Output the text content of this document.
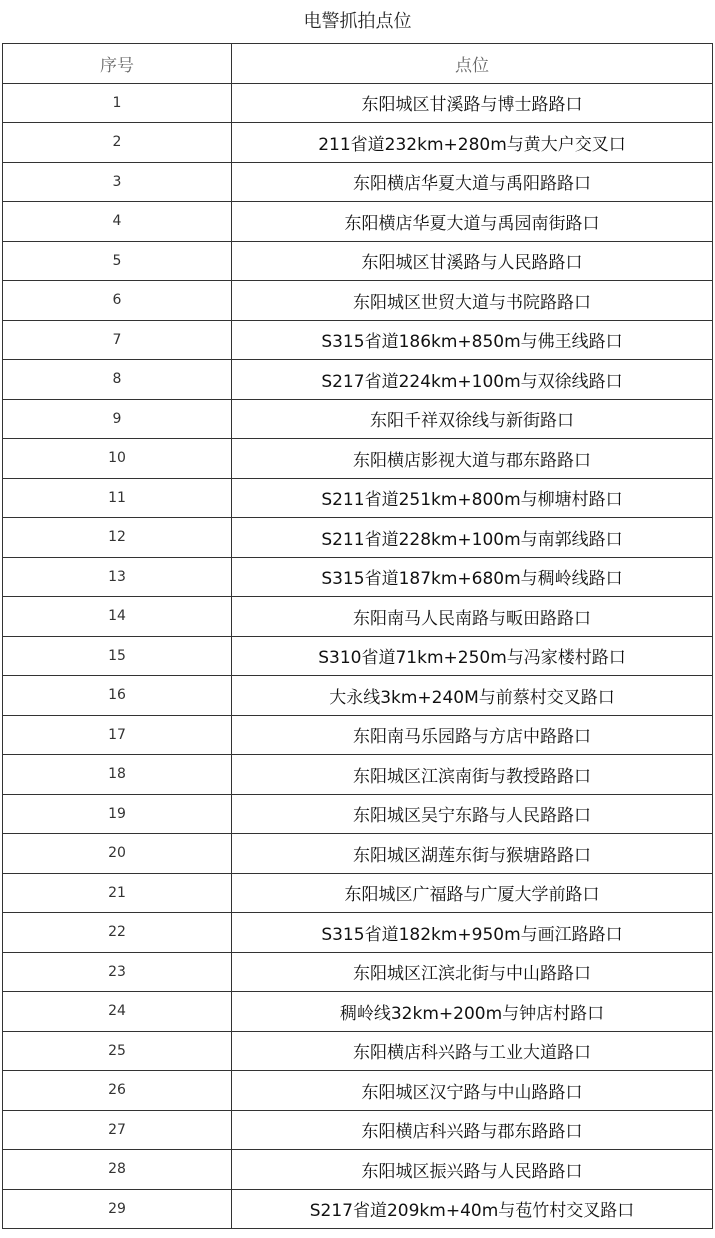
电警抓拍点位
序号	点位
1	东阳城区甘溪路与博士路路口
2	211省道232km+280m与黄大户交叉口
3	东阳横店华夏大道与禹阳路路口
4	东阳横店华夏大道与禹园南街路口
5	东阳城区甘溪路与人民路路口
6	东阳城区世贸大道与书院路路口
7	S315省道186km+850m与佛王线路口
8	S217省道224km+100m与双徐线路口
9	东阳千祥双徐线与新街路口
10	东阳横店影视大道与郡东路路口
11	S211省道251km+800m与柳塘村路口
12	S211省道228km+100m与南郭线路口
13	S315省道187km+680m与稠岭线路口
14	东阳南马人民南路与畈田路路口
15	S310省道71km+250m与冯家楼村路口
16	大永线3km+240M与前蔡村交叉路口
17	东阳南马乐园路与方店中路路口
18	东阳城区江滨南街与教授路路口
19	东阳城区吴宁东路与人民路路口
20	东阳城区湖莲东街与猴塘路路口
21	东阳城区广福路与广厦大学前路口
22	S315省道182km+950m与画江路路口
23	东阳城区江滨北街与中山路路口
24	稠岭线32km+200m与钟店村路口
25	东阳横店科兴路与工业大道路口
26	东阳城区汉宁路与中山路路口
27	东阳横店科兴路与郡东路路口
28	东阳城区振兴路与人民路路口
29	S217省道209km+40m与苞竹村交叉路口
